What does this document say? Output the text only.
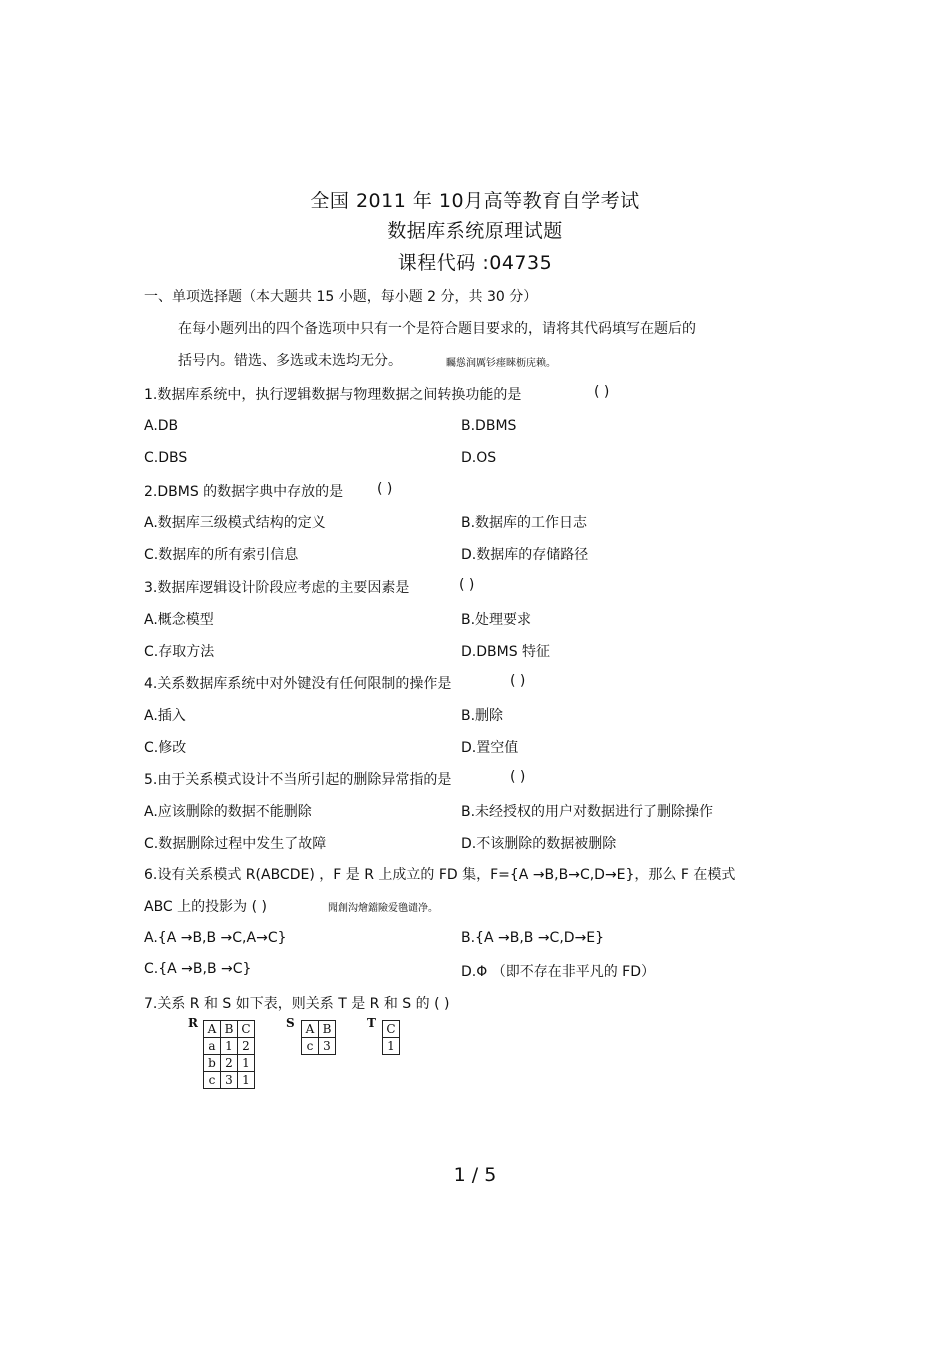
全国 2011 年 10月高等教育自学考试
数据库系统原理试题
课程代码 :04735
一、单项选择题（本大题共 15 小题，每小题 2 分，共 30 分）
在每小题列出的四个备选项中只有一个是符合题目要求的，请将其代码填写在题后的
括号内。错选、多选或未选均无分。	矚慫润厲钐瘗睞枥庑赖。
1.数据库系统中，执行逻辑数据与物理数据之间转换功能的是	( )
A.DB	B.DBMS
C.DBS	D.OS
2.DBMS 的数据字典中存放的是 ( )
A.数据库三级模式结构的定义	B.数据库的工作日志
C.数据库的所有索引信息	D.数据库的存储路径
3.数据库逻辑设计阶段应考虑的主要因素是	( )
A.概念模型	B.处理要求
C.存取方法	D.DBMS 特征
4.关系数据库系统中对外键没有任何限制的操作是	( )
A.插入	B.删除
C.修改	D.置空值
5.由于关系模式设计不当所引起的删除异常指的是	( )
A.应该删除的数据不能删除	B.未经授权的用户对数据进行了删除操作
C.数据删除过程中发生了故障	D.不该删除的数据被删除
6.设有关系模式 R(ABCDE) ，F 是 R 上成立的 FD 集，F={A →B,B→C,D→E}，那么 F 在模式
ABC 上的投影为 ( )	聞創沟燴鐺險爱氇谴净。
A.{A →B,B →C,A→C}	B.{A →B,B →C,D→E}
C.{A →B,B →C}	D.Φ （即不存在非平凡的 FD）
7.关系 R 和 S 如下表，则关系 T 是 R 和 S 的 ( )
R A	B	C
a	1	2
b	2	1
c	3	1
S A	B
c	3
T C
1
1 / 5
